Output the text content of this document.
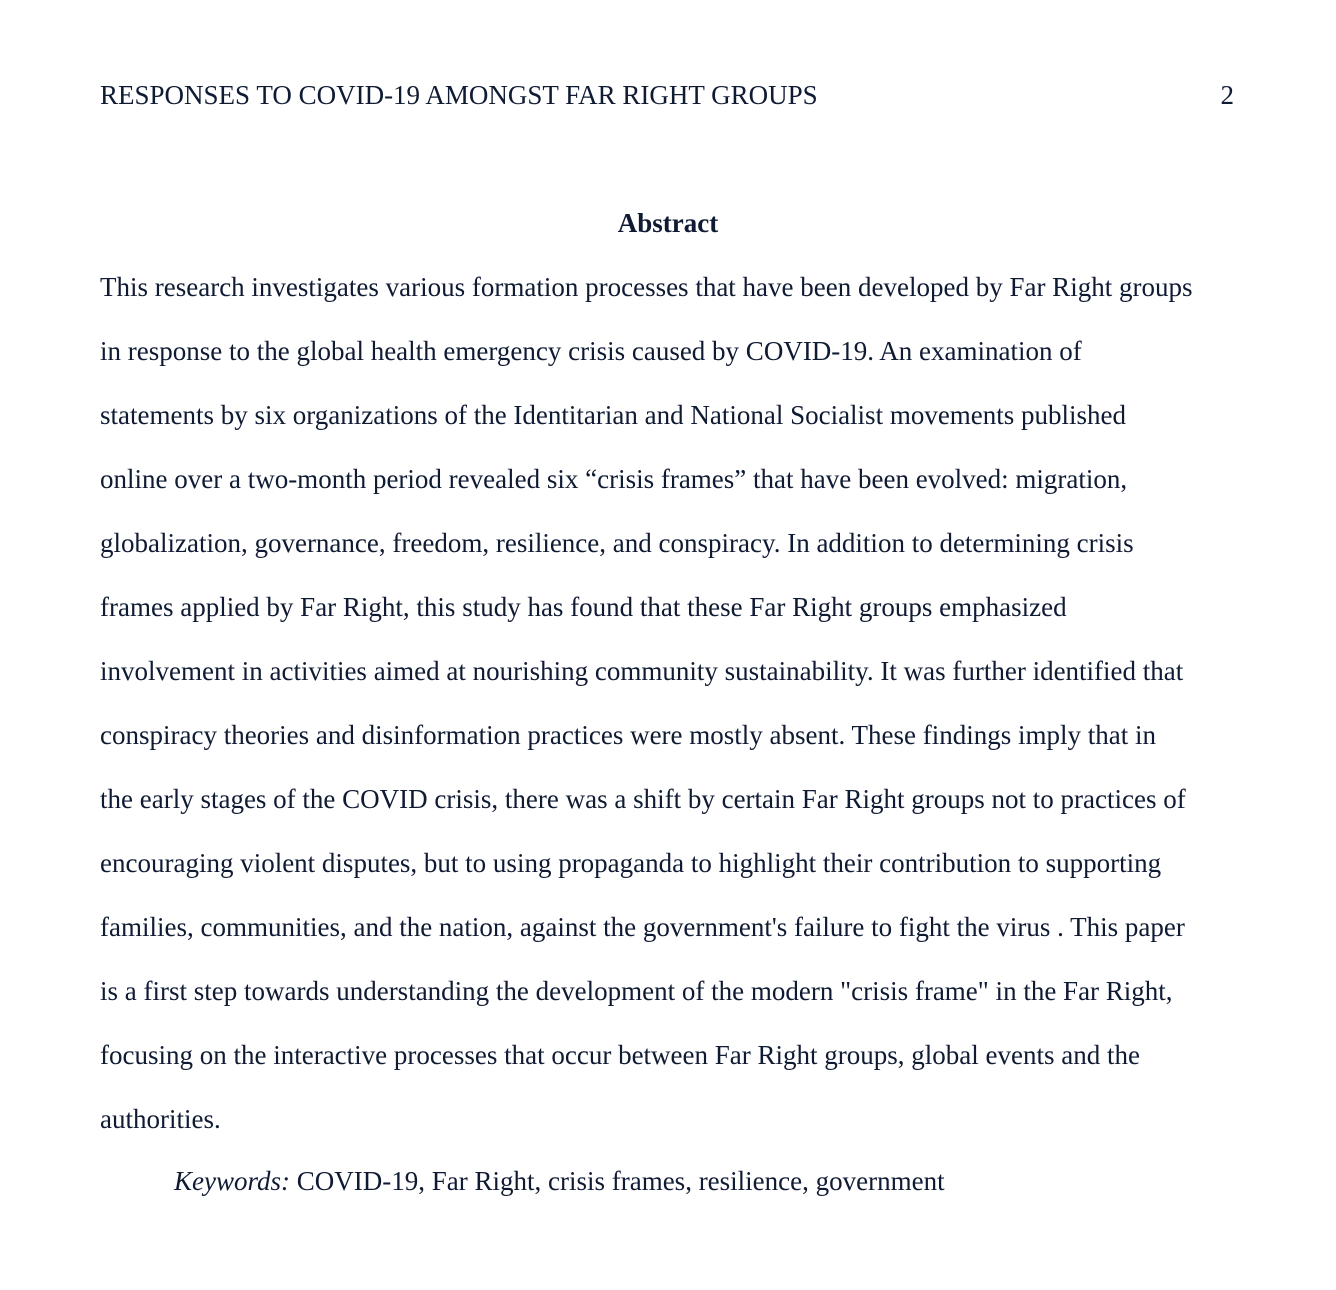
RESPONSES TO COVID-19 AMONGST FAR RIGHT GROUPS	2
Abstract
This research investigates various formation processes that have been developed by Far Right groups
in response to the global health emergency crisis caused by COVID-19. An examination of
statements by six organizations of the Identitarian and National Socialist movements published
online over a two-month period revealed six “crisis frames” that have been evolved: migration,
globalization, governance, freedom, resilience, and conspiracy. In addition to determining crisis
frames applied by Far Right, this study has found that these Far Right groups emphasized
involvement in activities aimed at nourishing community sustainability. It was further identified that
conspiracy theories and disinformation practices were mostly absent. These findings imply that in
the early stages of the COVID crisis, there was a shift by certain Far Right groups not to practices of
encouraging violent disputes, but to using propaganda to highlight their contribution to supporting
families, communities, and the nation, against the government's failure to fight the virus . This paper
is a first step towards understanding the development of the modern "crisis frame" in the Far Right,
focusing on the interactive processes that occur between Far Right groups, global events and the
authorities.
Keywords: COVID-19, Far Right, crisis frames, resilience, government
